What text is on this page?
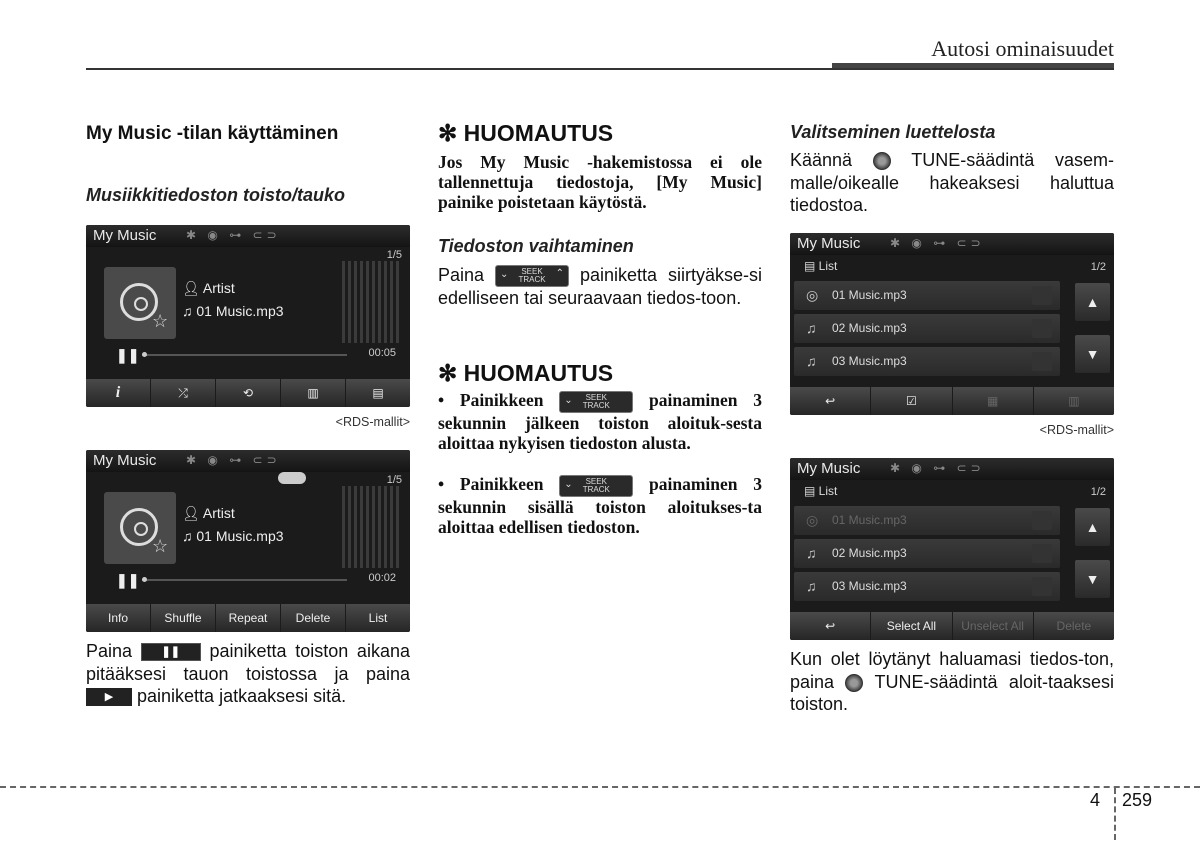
Autosi ominaisuudet
My Music -tilan käyttäminen
Musiikkitiedoston toisto/tauko
My Music ✱ ◉ ⊶ ⊂⊃
1/5
☆
👤︎ Artist
♫ 01 Music.mp3
❚❚	00:05
i	⤮	⟲	▥	▤
<RDS-mallit>
My Music ✱ ◉ ⊶ ⊂⊃
1/5
☆
👤︎ Artist
♫ 01 Music.mp3
❚❚	00:02
Info	Shuffle	Repeat	Delete	List
Paina	❚❚ painiketta toiston aikana pitääksesi tauon toistossa ja paina ▶ painiketta jatkaaksesi sitä.
✻ HUOMAUTUS
Jos My Music -hakemistossa ei ole tallennettuja tiedostoja, [My Music] painike poistetaan käytöstä.
Tiedoston vaihtaminen
Paina ⌄ SEEK
TRACK
⌃ painiketta siirtyäkse-si edelliseen tai seuraavaan tiedos-toon.
✻ HUOMAUTUS
• Painikkeen ⌄ SEEK
TRACK painaminen 3 sekunnin jälkeen toiston aloituk-sesta aloittaa nykyisen tiedoston alusta.
• Painikkeen ⌄ SEEK
TRACK painaminen 3 sekunnin sisällä toiston aloitukses-ta aloittaa edellisen tiedoston.
Valitseminen luettelosta
Käännä	TUNE-säädintä vasem-malle/oikealle hakeaksesi haluttua tiedostoa.
My Music ✱ ◉ ⊶ ⊂⊃
▤ List	1/2
◎ 01 Music.mp3
♫ 02 Music.mp3
♫ 03 Music.mp3
▲
▼
↩	☑	▦	▥
<RDS-mallit>
My Music ✱ ◉ ⊶ ⊂⊃
▤ List	1/2
◎ 01 Music.mp3
♫ 02 Music.mp3
♫ 03 Music.mp3
▲
▼
↩	Select All	Unselect All	Delete
Kun olet löytänyt haluamasi tiedos-ton, paina TUNE-säädintä aloit-taaksesi toiston.
4 259
